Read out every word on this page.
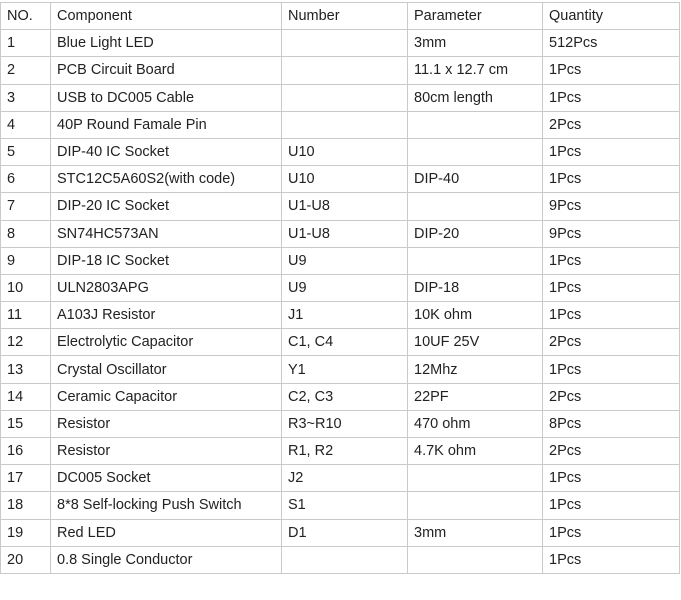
NO.	Component	Number	Parameter	Quantity
1	Blue Light LED		3mm	512Pcs
2	PCB Circuit Board		11.1 x 12.7 cm	1Pcs
3	USB to DC005 Cable		80cm length	1Pcs
4	40P Round Famale Pin			2Pcs
5	DIP-40 IC Socket	U10		1Pcs
6	STC12C5A60S2(with code)	U10	DIP-40	1Pcs
7	DIP-20 IC Socket	U1-U8		9Pcs
8	SN74HC573AN	U1-U8	DIP-20	9Pcs
9	DIP-18 IC Socket	U9		1Pcs
10	ULN2803APG	U9	DIP-18	1Pcs
11	A103J Resistor	J1	10K ohm	1Pcs
12	Electrolytic Capacitor	C1, C4	10UF 25V	2Pcs
13	Crystal Oscillator	Y1	12Mhz	1Pcs
14	Ceramic Capacitor	C2, C3	22PF	2Pcs
15	Resistor	R3~R10	470 ohm	8Pcs
16	Resistor	R1, R2	4.7K ohm	2Pcs
17	DC005 Socket	J2		1Pcs
18	8*8 Self-locking Push Switch	S1		1Pcs
19	Red LED	D1	3mm	1Pcs
20	0.8 Single Conductor			1Pcs
